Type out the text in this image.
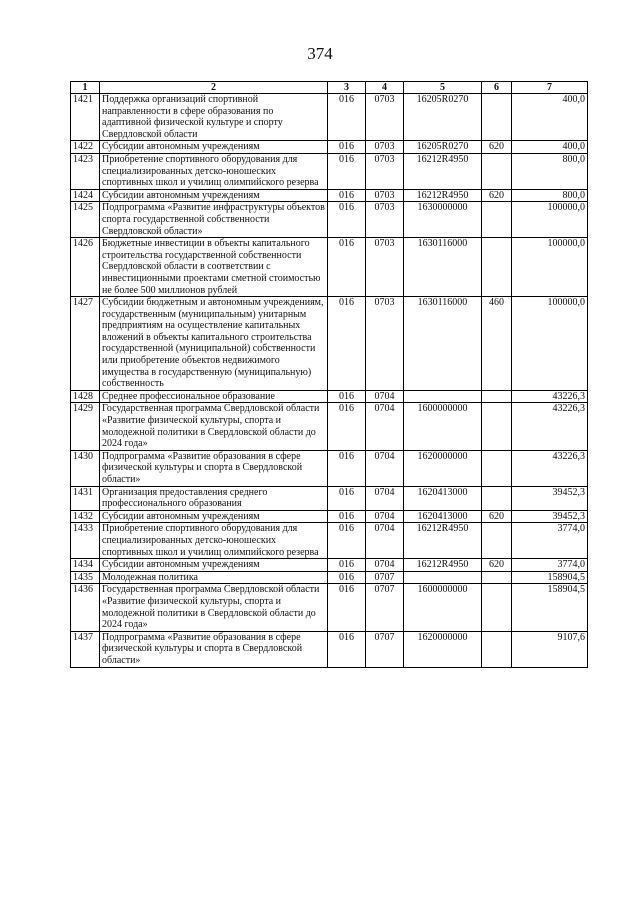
374
1	2	3	4	5	6	7
1421	Поддержка организаций спортивной направленности в сфере образования по адаптивной физической культуре и спорту Свердловской области	016	0703	16205R0270		400,0
1422	Субсидии автономным учреждениям	016	0703	16205R0270	620	400,0
1423	Приобретение спортивного оборудования для специализированных детско-юношеских спортивных школ и училищ олимпийского резерва	016	0703	16212R4950		800,0
1424	Субсидии автономным учреждениям	016	0703	16212R4950	620	800,0
1425	Подпрограмма «Развитие инфраструктуры объектов спорта государственной собственности Свердловской области»	016	0703	1630000000		100000,0
1426	Бюджетные инвестиции в объекты капитального строительства государственной собственности Свердловской области в соответствии с инвестиционными проектами сметной стоимостью не более 500 миллионов рублей	016	0703	1630116000		100000,0
1427	Субсидии бюджетным и автономным учреждениям, государственным (муниципальным) унитарным предприятиям на осуществление капитальных вложений в объекты капитального строительства государственной (муниципальной) собственности или приобретение объектов недвижимого имущества в государственную (муниципальную) собственность	016	0703	1630116000	460	100000,0
1428	Среднее профессиональное образование	016	0704			43226,3
1429	Государственная программа Свердловской области «Развитие физической культуры, спорта и молодежной политики в Свердловской области до 2024 года»	016	0704	1600000000		43226,3
1430	Подпрограмма «Развитие образования в сфере физической культуры и спорта в Свердловской области»	016	0704	1620000000		43226,3
1431	Организация предоставления среднего профессионального образования	016	0704	1620413000		39452,3
1432	Субсидии автономным учреждениям	016	0704	1620413000	620	39452,3
1433	Приобретение спортивного оборудования для специализированных детско-юношеских спортивных школ и училищ олимпийского резерва	016	0704	16212R4950		3774,0
1434	Субсидии автономным учреждениям	016	0704	16212R4950	620	3774,0
1435	Молодежная политика	016	0707			158904,5
1436	Государственная программа Свердловской области «Развитие физической культуры, спорта и молодежной политики в Свердловской области до 2024 года»	016	0707	1600000000		158904,5
1437	Подпрограмма «Развитие образования в сфере физической культуры и спорта в Свердловской области»	016	0707	1620000000		9107,6
